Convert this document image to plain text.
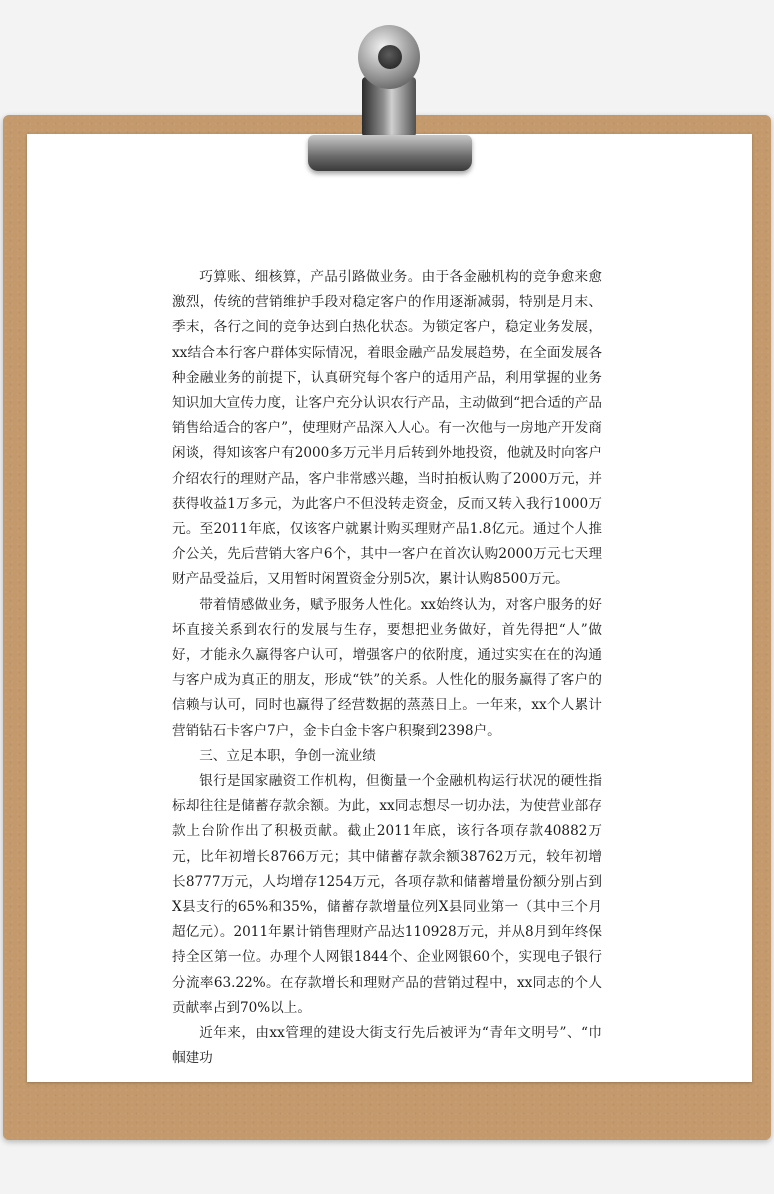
巧算账、细核算，产品引路做业务。由于各金融机构的竞争愈来愈激烈，传统的营销维护手段对稳定客户的作用逐渐减弱，特别是月末、季末，各行之间的竞争达到白热化状态。为锁定客户，稳定业务发展，xx结合本行客户群体实际情况，着眼金融产品发展趋势，在全面发展各种金融业务的前提下，认真研究每个客户的适用产品，利用掌握的业务知识加大宣传力度，让客户充分认识农行产品，主动做到“把合适的产品销售给适合的客户”，使理财产品深入人心。有一次他与一房地产开发商闲谈，得知该客户有2000多万元半月后转到外地投资，他就及时向客户介绍农行的理财产品，客户非常感兴趣，当时拍板认购了2000万元，并获得收益1万多元，为此客户不但没转走资金，反而又转入我行1000万元。至2011年底，仅该客户就累计购买理财产品1.8亿元。通过个人推介公关，先后营销大客户6个，其中一客户在首次认购2000万元七天理财产品受益后，又用暂时闲置资金分别5次，累计认购8500万元。

带着情感做业务，赋予服务人性化。xx始终认为，对客户服务的好坏直接关系到农行的发展与生存，要想把业务做好，首先得把“人”做好，才能永久赢得客户认可，增强客户的依附度，通过实实在在的沟通与客户成为真正的朋友，形成“铁”的关系。人性化的服务赢得了客户的信赖与认可，同时也赢得了经营数据的蒸蒸日上。一年来，xx个人累计营销钻石卡客户7户，金卡白金卡客户积聚到2398户。

三、立足本职，争创一流业绩

银行是国家融资工作机构，但衡量一个金融机构运行状况的硬性指标却往往是储蓄存款余额。为此，xx同志想尽一切办法，为使营业部存款上台阶作出了积极贡献。截止2011年底，该行各项存款40882万元，比年初增长8766万元；其中储蓄存款余额38762万元，较年初增长8777万元，人均增存1254万元，各项存款和储蓄增量份额分别占到X县支行的65%和35%，储蓄存款增量位列X县同业第一（其中三个月超亿元）。2011年累计销售理财产品达110928万元，并从8月到年终保持全区第一位。办理个人网银1844个、企业网银60个，实现电子银行分流率63.22%。在存款增长和理财产品的营销过程中，xx同志的个人贡献率占到70%以上。

近年来，由xx管理的建设大街支行先后被评为“青年文明号”、“巾帼建功
